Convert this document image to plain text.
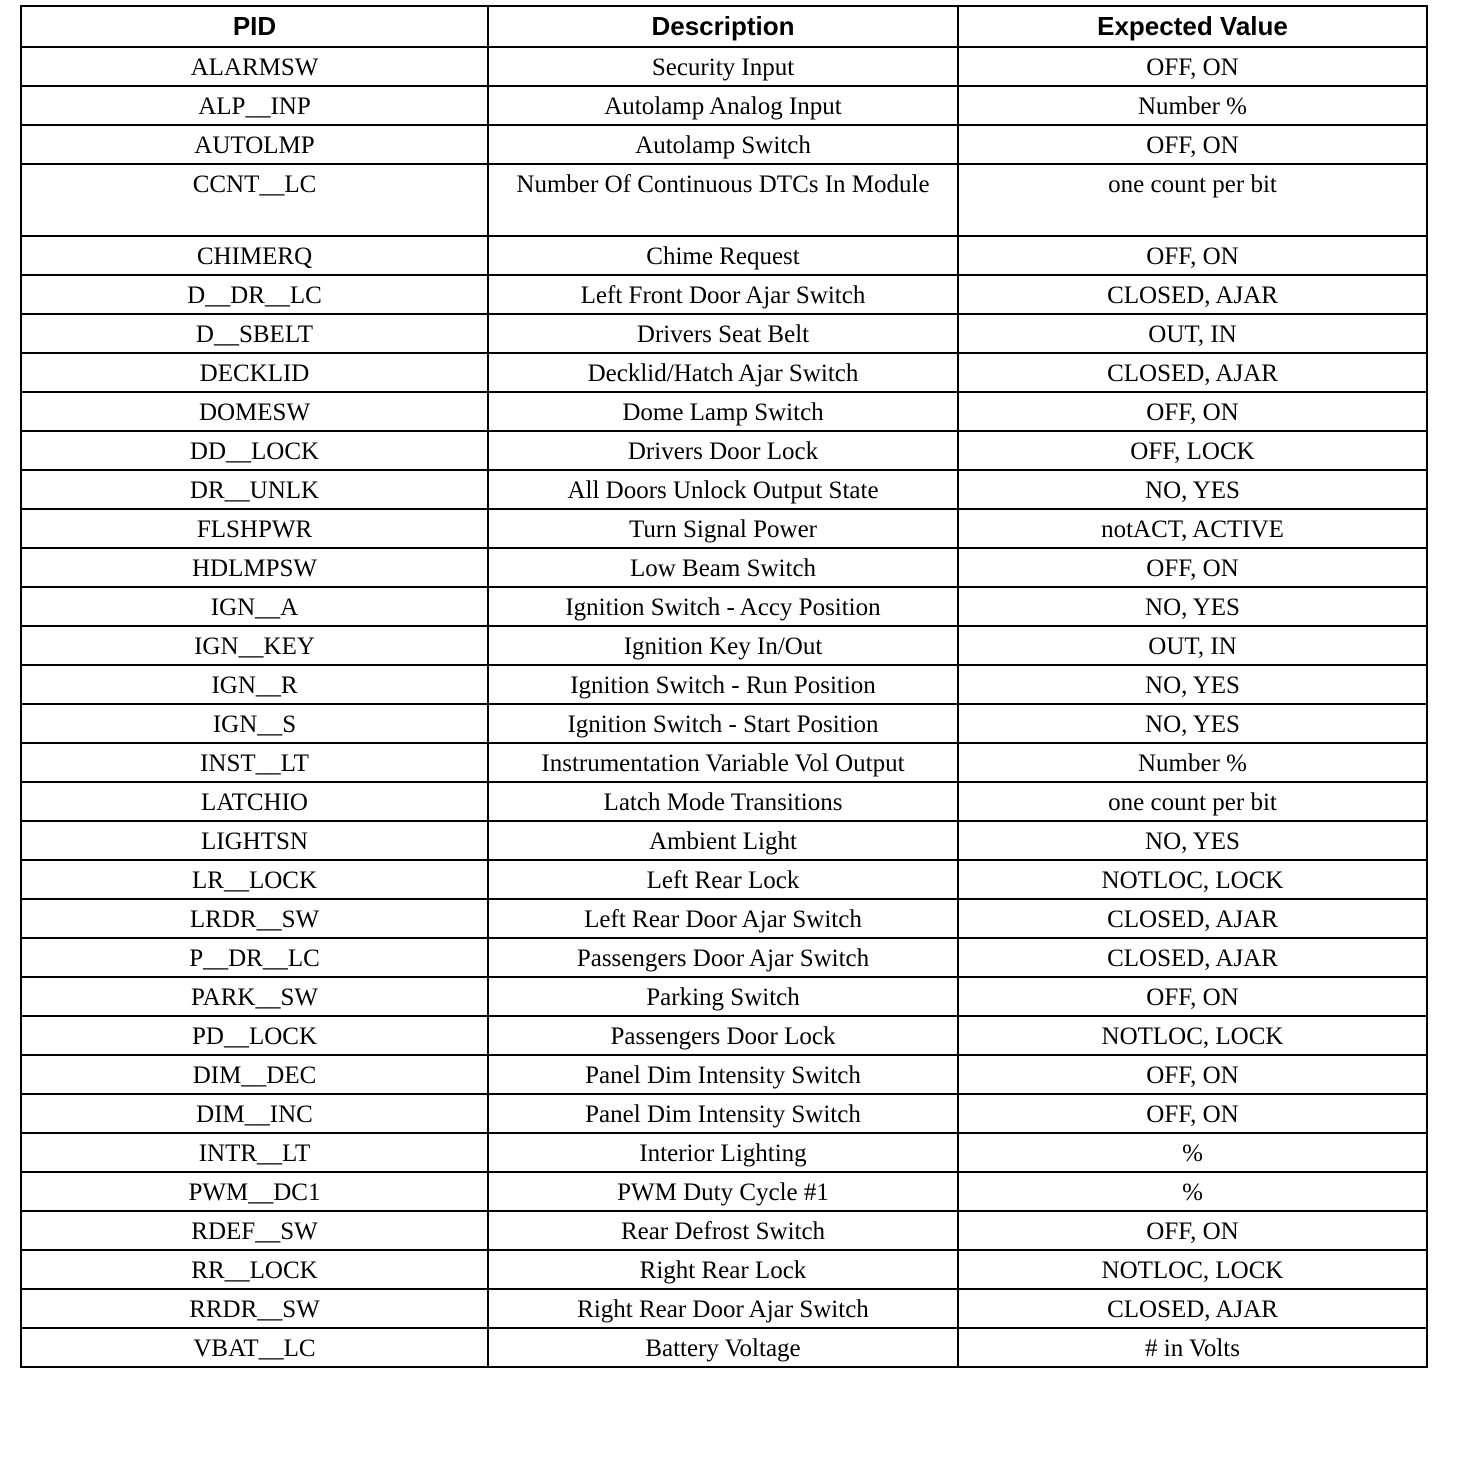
PID	Description	Expected Value
ALARMSW	Security Input	OFF, ON
ALP__INP	Autolamp Analog Input	Number %
AUTOLMP	Autolamp Switch	OFF, ON
CCNT__LC	Number Of Continuous DTCs In Module	one count per bit
CHIMERQ	Chime Request	OFF, ON
D__DR__LC	Left Front Door Ajar Switch	CLOSED, AJAR
D__SBELT	Drivers Seat Belt	OUT, IN
DECKLID	Decklid/Hatch Ajar Switch	CLOSED, AJAR
DOMESW	Dome Lamp Switch	OFF, ON
DD__LOCK	Drivers Door Lock	OFF, LOCK
DR__UNLK	All Doors Unlock Output State	NO, YES
FLSHPWR	Turn Signal Power	notACT, ACTIVE
HDLMPSW	Low Beam Switch	OFF, ON
IGN__A	Ignition Switch - Accy Position	NO, YES
IGN__KEY	Ignition Key In/Out	OUT, IN
IGN__R	Ignition Switch - Run Position	NO, YES
IGN__S	Ignition Switch - Start Position	NO, YES
INST__LT	Instrumentation Variable Vol Output	Number %
LATCHIO	Latch Mode Transitions	one count per bit
LIGHTSN	Ambient Light	NO, YES
LR__LOCK	Left Rear Lock	NOTLOC, LOCK
LRDR__SW	Left Rear Door Ajar Switch	CLOSED, AJAR
P__DR__LC	Passengers Door Ajar Switch	CLOSED, AJAR
PARK__SW	Parking Switch	OFF, ON
PD__LOCK	Passengers Door Lock	NOTLOC, LOCK
DIM__DEC	Panel Dim Intensity Switch	OFF, ON
DIM__INC	Panel Dim Intensity Switch	OFF, ON
INTR__LT	Interior Lighting	%
PWM__DC1	PWM Duty Cycle #1	%
RDEF__SW	Rear Defrost Switch	OFF, ON
RR__LOCK	Right Rear Lock	NOTLOC, LOCK
RRDR__SW	Right Rear Door Ajar Switch	CLOSED, AJAR
VBAT__LC	Battery Voltage	# in Volts
